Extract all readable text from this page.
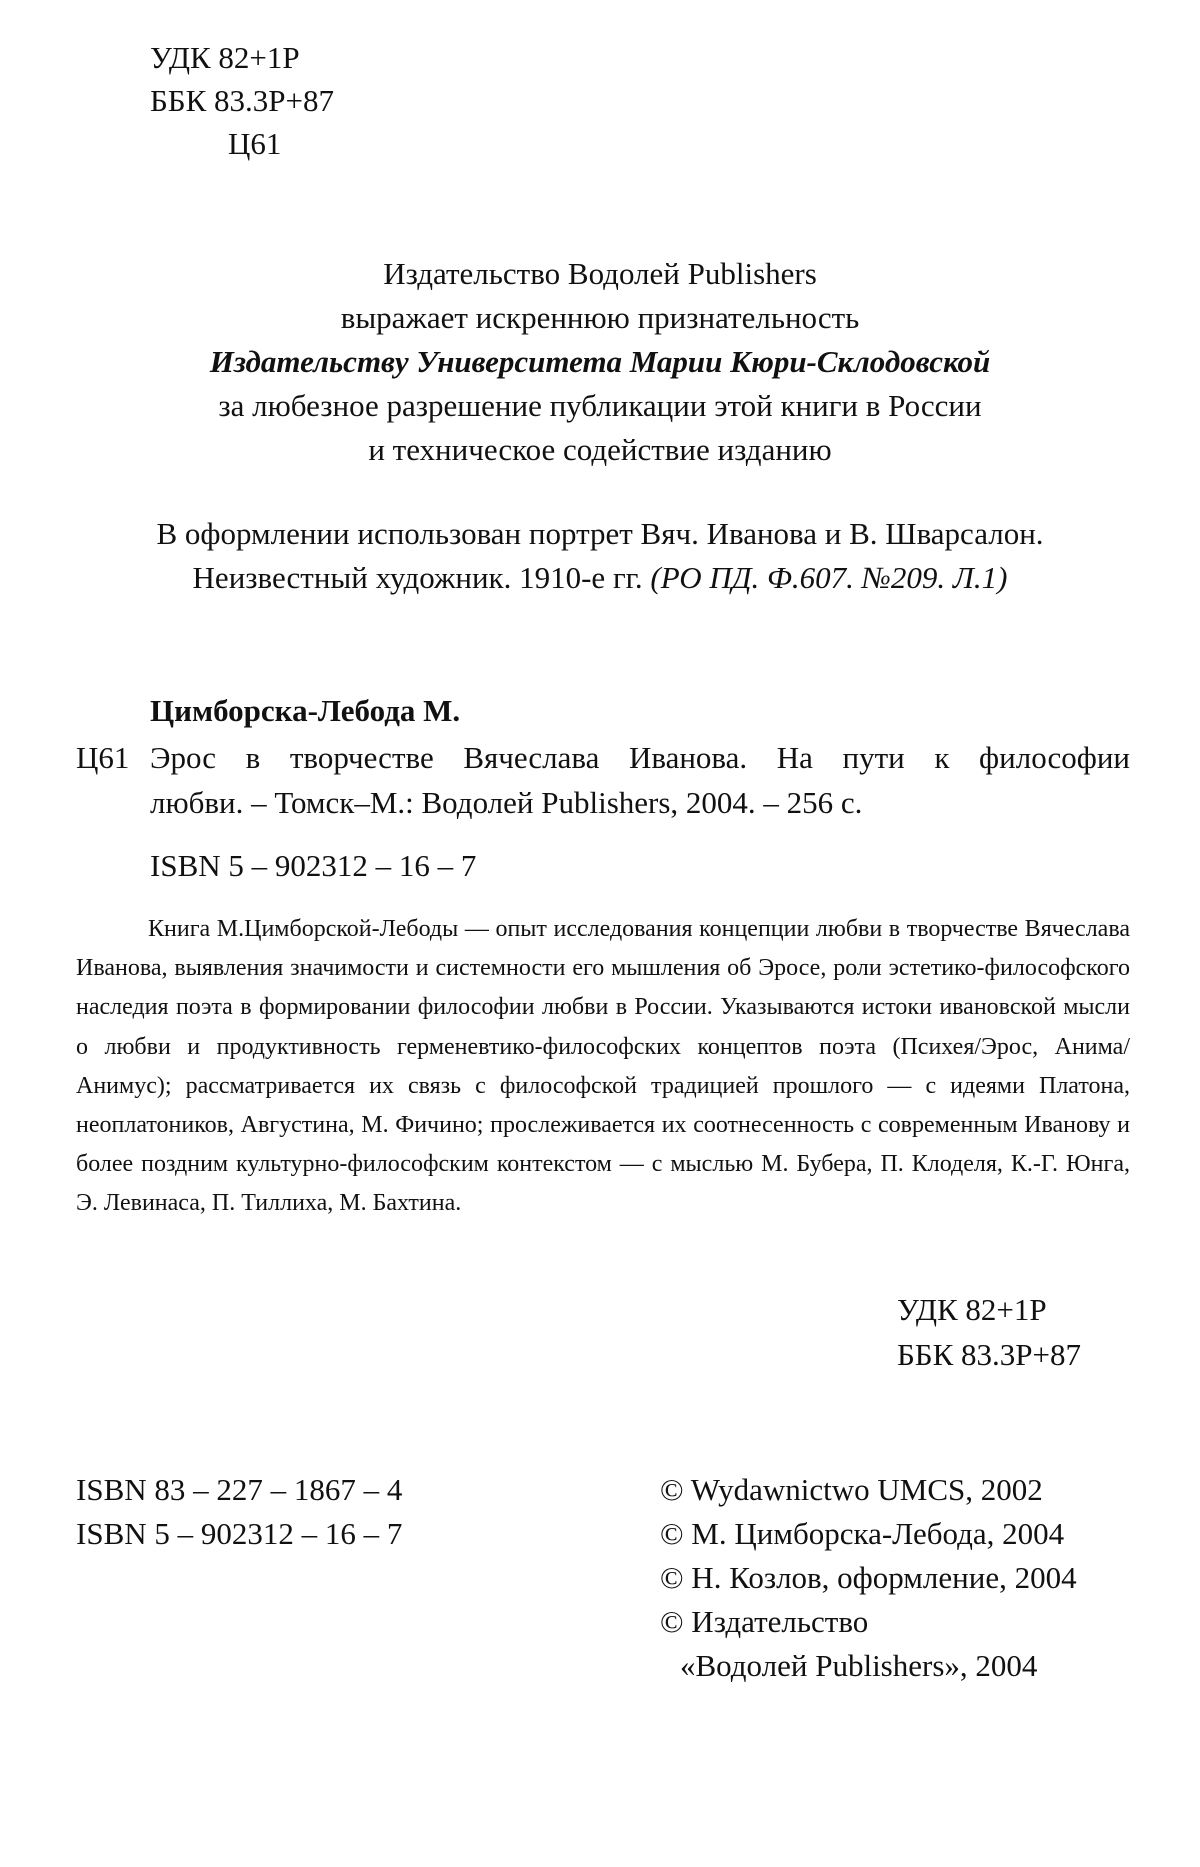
УДК 82+1Р
ББК 83.3Р+87
Ц61
Издательство Водолей Publishers
выражает искреннюю признательность
Издательству Университета Марии Кюри-Склодовской
за любезное разрешение публикации этой книги в России
и техническое содействие изданию
В оформлении использован портрет Вяч. Иванова и В. Шварсалон.
Неизвестный художник. 1910-е гг. (РО ПД. Ф.607. №209. Л.1)
Цимборска-Лебода М.
Ц61 Эрос в творчестве Вячеслава Иванова. На пути к философии
любви. – Томск–М.: Водолей Publishers, 2004. – 256 с.
ISBN 5 – 902312 – 16 – 7
Книга М.Цимборской-Лебоды — опыт исследования концепции любви в творчестве Вячеслава Иванова, выявления значимости и системности его мышления об Эросе, роли эстетико-философского наследия поэта в формировании философии любви в России. Указываются истоки ивановской мысли о любви и продуктивность герменевтико-философских концептов поэта (Психея/Эрос, Анима/Анимус); рассматривается их связь с философской традицией прошлого — с идеями Платона, неоплатоников, Августина, М. Фичино; прослеживается их соотнесенность с современным Иванову и более поздним культурно-философским контекстом — с мыслью М. Бубера, П. Клоделя, К.-Г. Юнга, Э. Левинаса, П. Тиллиха, М. Бахтина.
УДК 82+1Р
ББК 83.3Р+87
ISBN 83 – 227 – 1867 – 4
ISBN 5 – 902312 – 16 – 7
© Wydawnictwo UMCS, 2002
© М. Цимборска-Лебода, 2004
© Н. Козлов, оформление, 2004
© Издательство
«Водолей Publishers», 2004
